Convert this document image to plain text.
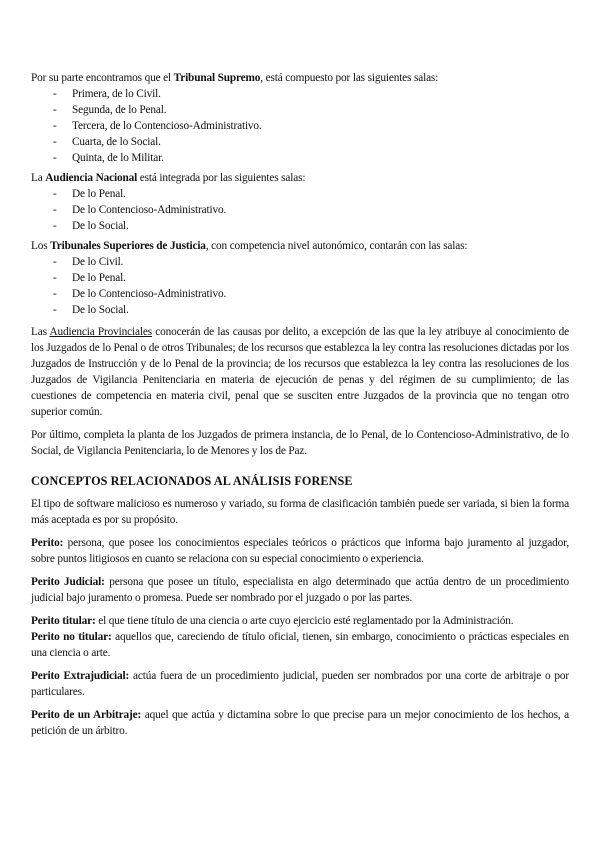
Por su parte encontramos que el Tribunal Supremo, está compuesto por las siguientes salas:

- Primera, de lo Civil.
- Segunda, de lo Penal.
- Tercera, de lo Contencioso-Administrativo.
- Cuarta, de lo Social.
- Quinta, de lo Militar.

La Audiencia Nacional está integrada por las siguientes salas:

- De lo Penal.
- De lo Contencioso-Administrativo.
- De lo Social.

Los Tribunales Superiores de Justicia, con competencia nivel autonómico, contarán con las salas:

- De lo Civil.
- De lo Penal.
- De lo Contencioso-Administrativo.
- De lo Social.

Las Audiencia Provinciales conocerán de las causas por delito, a excepción de las que la ley atribuye al conocimiento de los Juzgados de lo Penal o de otros Tribunales; de los recursos que establezca la ley contra las resoluciones dictadas por los Juzgados de Instrucción y de lo Penal de la provincia; de los recursos que establezca la ley contra las resoluciones de los Juzgados de Vigilancia Penitenciaria en materia de ejecución de penas y del régimen de su cumplimiento; de las cuestiones de competencia en materia civil, penal que se susciten entre Juzgados de la provincia que no tengan otro superior común.

Por último, completa la planta de los Juzgados de primera instancia, de lo Penal, de lo Contencioso-Administrativo, de lo Social, de Vigilancia Penitenciaria, lo de Menores y los de Paz.

CONCEPTOS RELACIONADOS AL ANÁLISIS FORENSE

El tipo de software malicioso es numeroso y variado, su forma de clasificación también puede ser variada, si bien la forma más aceptada es por su propósito.

Perito: persona, que posee los conocimientos especiales teóricos o prácticos que informa bajo juramento al juzgador, sobre puntos litigiosos en cuanto se relaciona con su especial conocimiento o experiencia.

Perito Judicial: persona que posee un título, especialista en algo determinado que actúa dentro de un procedimiento judicial bajo juramento o promesa. Puede ser nombrado por el juzgado o por las partes.

Perito titular: el que tiene título de una ciencia o arte cuyo ejercicio esté reglamentado por la Administración.

Perito no titular: aquellos que, careciendo de título oficial, tienen, sin embargo, conocimiento o prácticas especiales en una ciencia o arte.

Perito Extrajudicial: actúa fuera de un procedimiento judicial, pueden ser nombrados por una corte de arbitraje o por particulares.

Perito de un Arbitraje: aquel que actúa y dictamina sobre lo que precise para un mejor conocimiento de los hechos, a petición de un árbitro.
